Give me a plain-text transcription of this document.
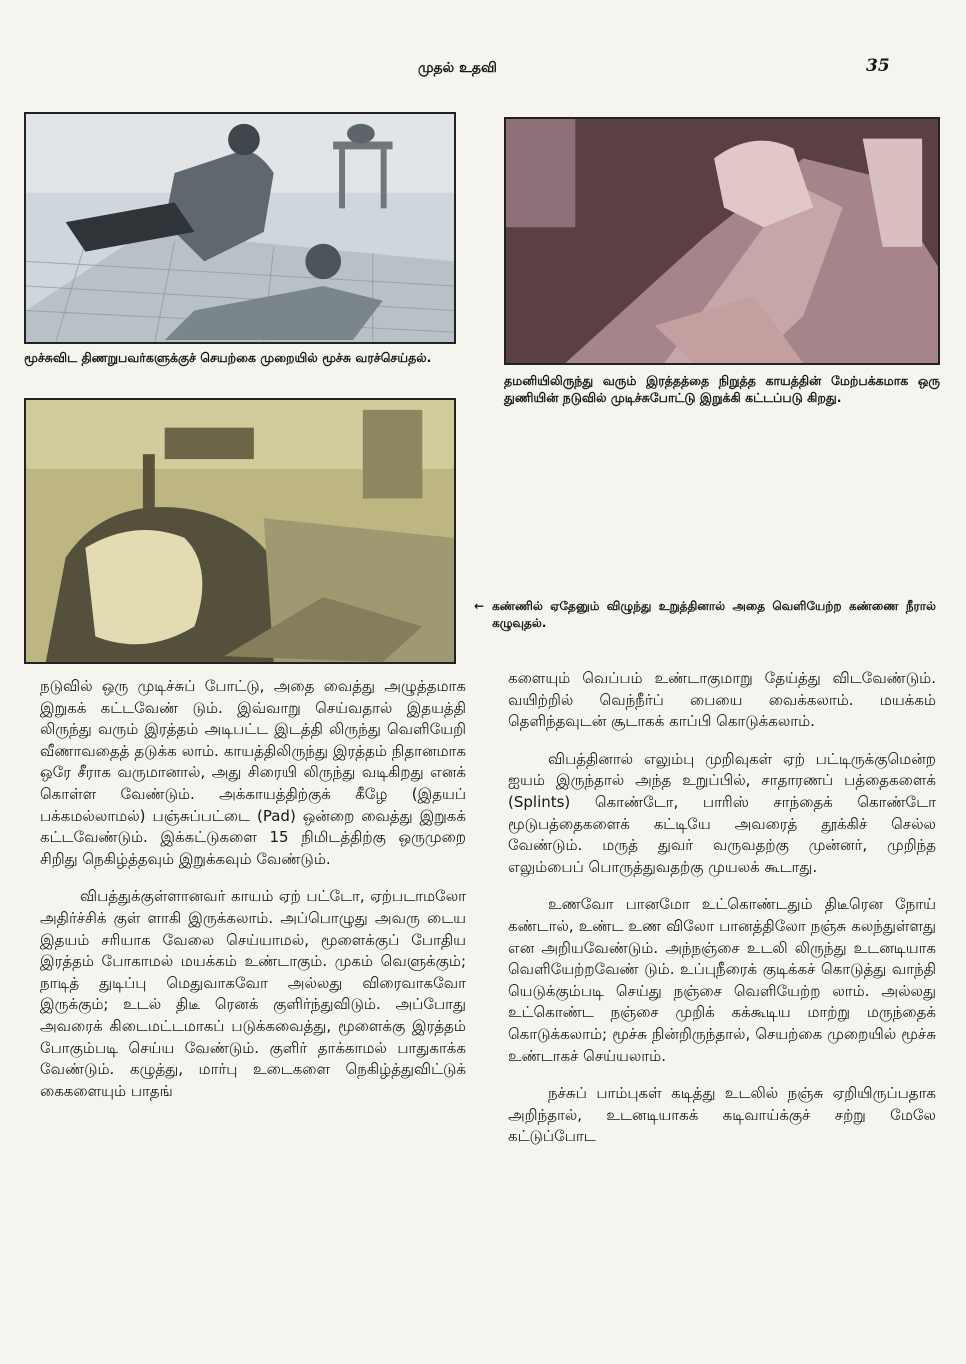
முதல் உதவி	35

மூச்சுவிட திணறுபவர்களுக்குச் செயற்கை முறையில் மூச்சு வரச்செய்தல்.

தமனியிலிருந்து வரும் இரத்தத்தை நிறுத்த காயத்தின் மேற்பக்கமாக ஒரு துணியின் நடுவில் முடிச்சுபோட்டு இறுக்கி கட்டப்படு கிறது.

← கண்ணில் ஏதேனும் விழுந்து உறுத்தினால் அதை வெளியேற்ற கண்ணை நீரால் கழுவுதல்.

நடுவில் ஒரு முடிச்சுப் போட்டு, அதை வைத்து அழுத்தமாக இறுகக் கட்டவேண் டும். இவ்வாறு செய்வதால் இதயத்தி லிருந்து வரும் இரத்தம் அடிபட்ட இடத்தி லிருந்து வெளியேறி வீணாவதைத் தடுக்க லாம். காயத்திலிருந்து இரத்தம் நிதானமாக ஒரே சீராக வருமானால், அது சிரையி லிருந்து வடிகிறது எனக் கொள்ள வேண்டும். அக்காயத்திற்குக் கீழே (இதயப் பக்கமல்லாமல்) பஞ்சுப்பட்டை (Pad) ஒன்றை வைத்து இறுகக் கட்டவேண்டும். இக்கட்டுகளை 15 நிமிடத்திற்கு ஒருமுறை சிறிது நெகிழ்த்தவும் இறுக்கவும் வேண்டும்.

விபத்துக்குள்ளானவர் காயம் ஏற் பட்டோ, ஏற்படாமலோ அதிர்ச்சிக் குள் ளாகி இருக்கலாம். அப்பொழுது அவரு டைய இதயம் சரியாக வேலை செய்யாமல், மூளைக்குப் போதிய இரத்தம் போகாமல் மயக்கம் உண்டாகும். முகம் வெளுக்கும்; நாடித் துடிப்பு மெதுவாகவோ அல்லது விரைவாகவோ இருக்கும்; உடல் திடீ ரெனக் குளிர்ந்துவிடும். அப்போது அவரைக் கிடைமட்டமாகப் படுக்கவைத்து, மூளைக்கு இரத்தம் போகும்படி செய்ய வேண்டும். குளிர் தாக்காமல் பாதுகாக்க வேண்டும். கழுத்து, மார்பு உடைகளை நெகிழ்த்துவிட்டுக் கைகளையும் பாதங்

களையும் வெப்பம் உண்டாகுமாறு தேய்த்து விடவேண்டும். வயிற்றில் வெந்நீர்ப் பையை வைக்கலாம். மயக்கம் தெளிந்தவுடன் சூடாகக் காப்பி கொடுக்கலாம்.

விபத்தினால் எலும்பு முறிவுகள் ஏற் பட்டிருக்குமென்ற ஐயம் இருந்தால் அந்த உறுப்பில், சாதாரணப் பத்தைகளைக் (Splints) கொண்டோ, பாரிஸ் சாந்தைக் கொண்டோ மூடுபத்தைகளைக் கட்டியே அவரைத் தூக்கிச் செல்ல வேண்டும். மருத் துவர் வருவதற்கு முன்னர், முறிந்த எலும்பைப் பொருத்துவதற்கு முயலக் கூடாது.

உணவோ பானமோ உட்கொண்டதும் திடீரென நோய் கண்டால், உண்ட உண விலோ பானத்திலோ நஞ்சு கலந்துள்ளது என அறியவேண்டும். அந்நஞ்சை உடலி லிருந்து உடனடியாக வெளியேற்றவேண் டும். உப்புநீரைக் குடிக்கச் கொடுத்து வாந்தி யெடுக்கும்படி செய்து நஞ்சை வெளியேற்ற லாம். அல்லது உட்கொண்ட நஞ்சை முறிக் கக்கூடிய மாற்று மருந்தைக் கொடுக்கலாம்; மூச்சு நின்றிருந்தால், செயற்கை முறையில் மூச்சு உண்டாகச் செய்யலாம்.

நச்சுப் பாம்புகள் கடித்து உடலில் நஞ்சு ஏறியிருப்பதாக அறிந்தால், உடனடியாகக் கடிவாய்க்குச் சற்று மேலே கட்டுப்போட
